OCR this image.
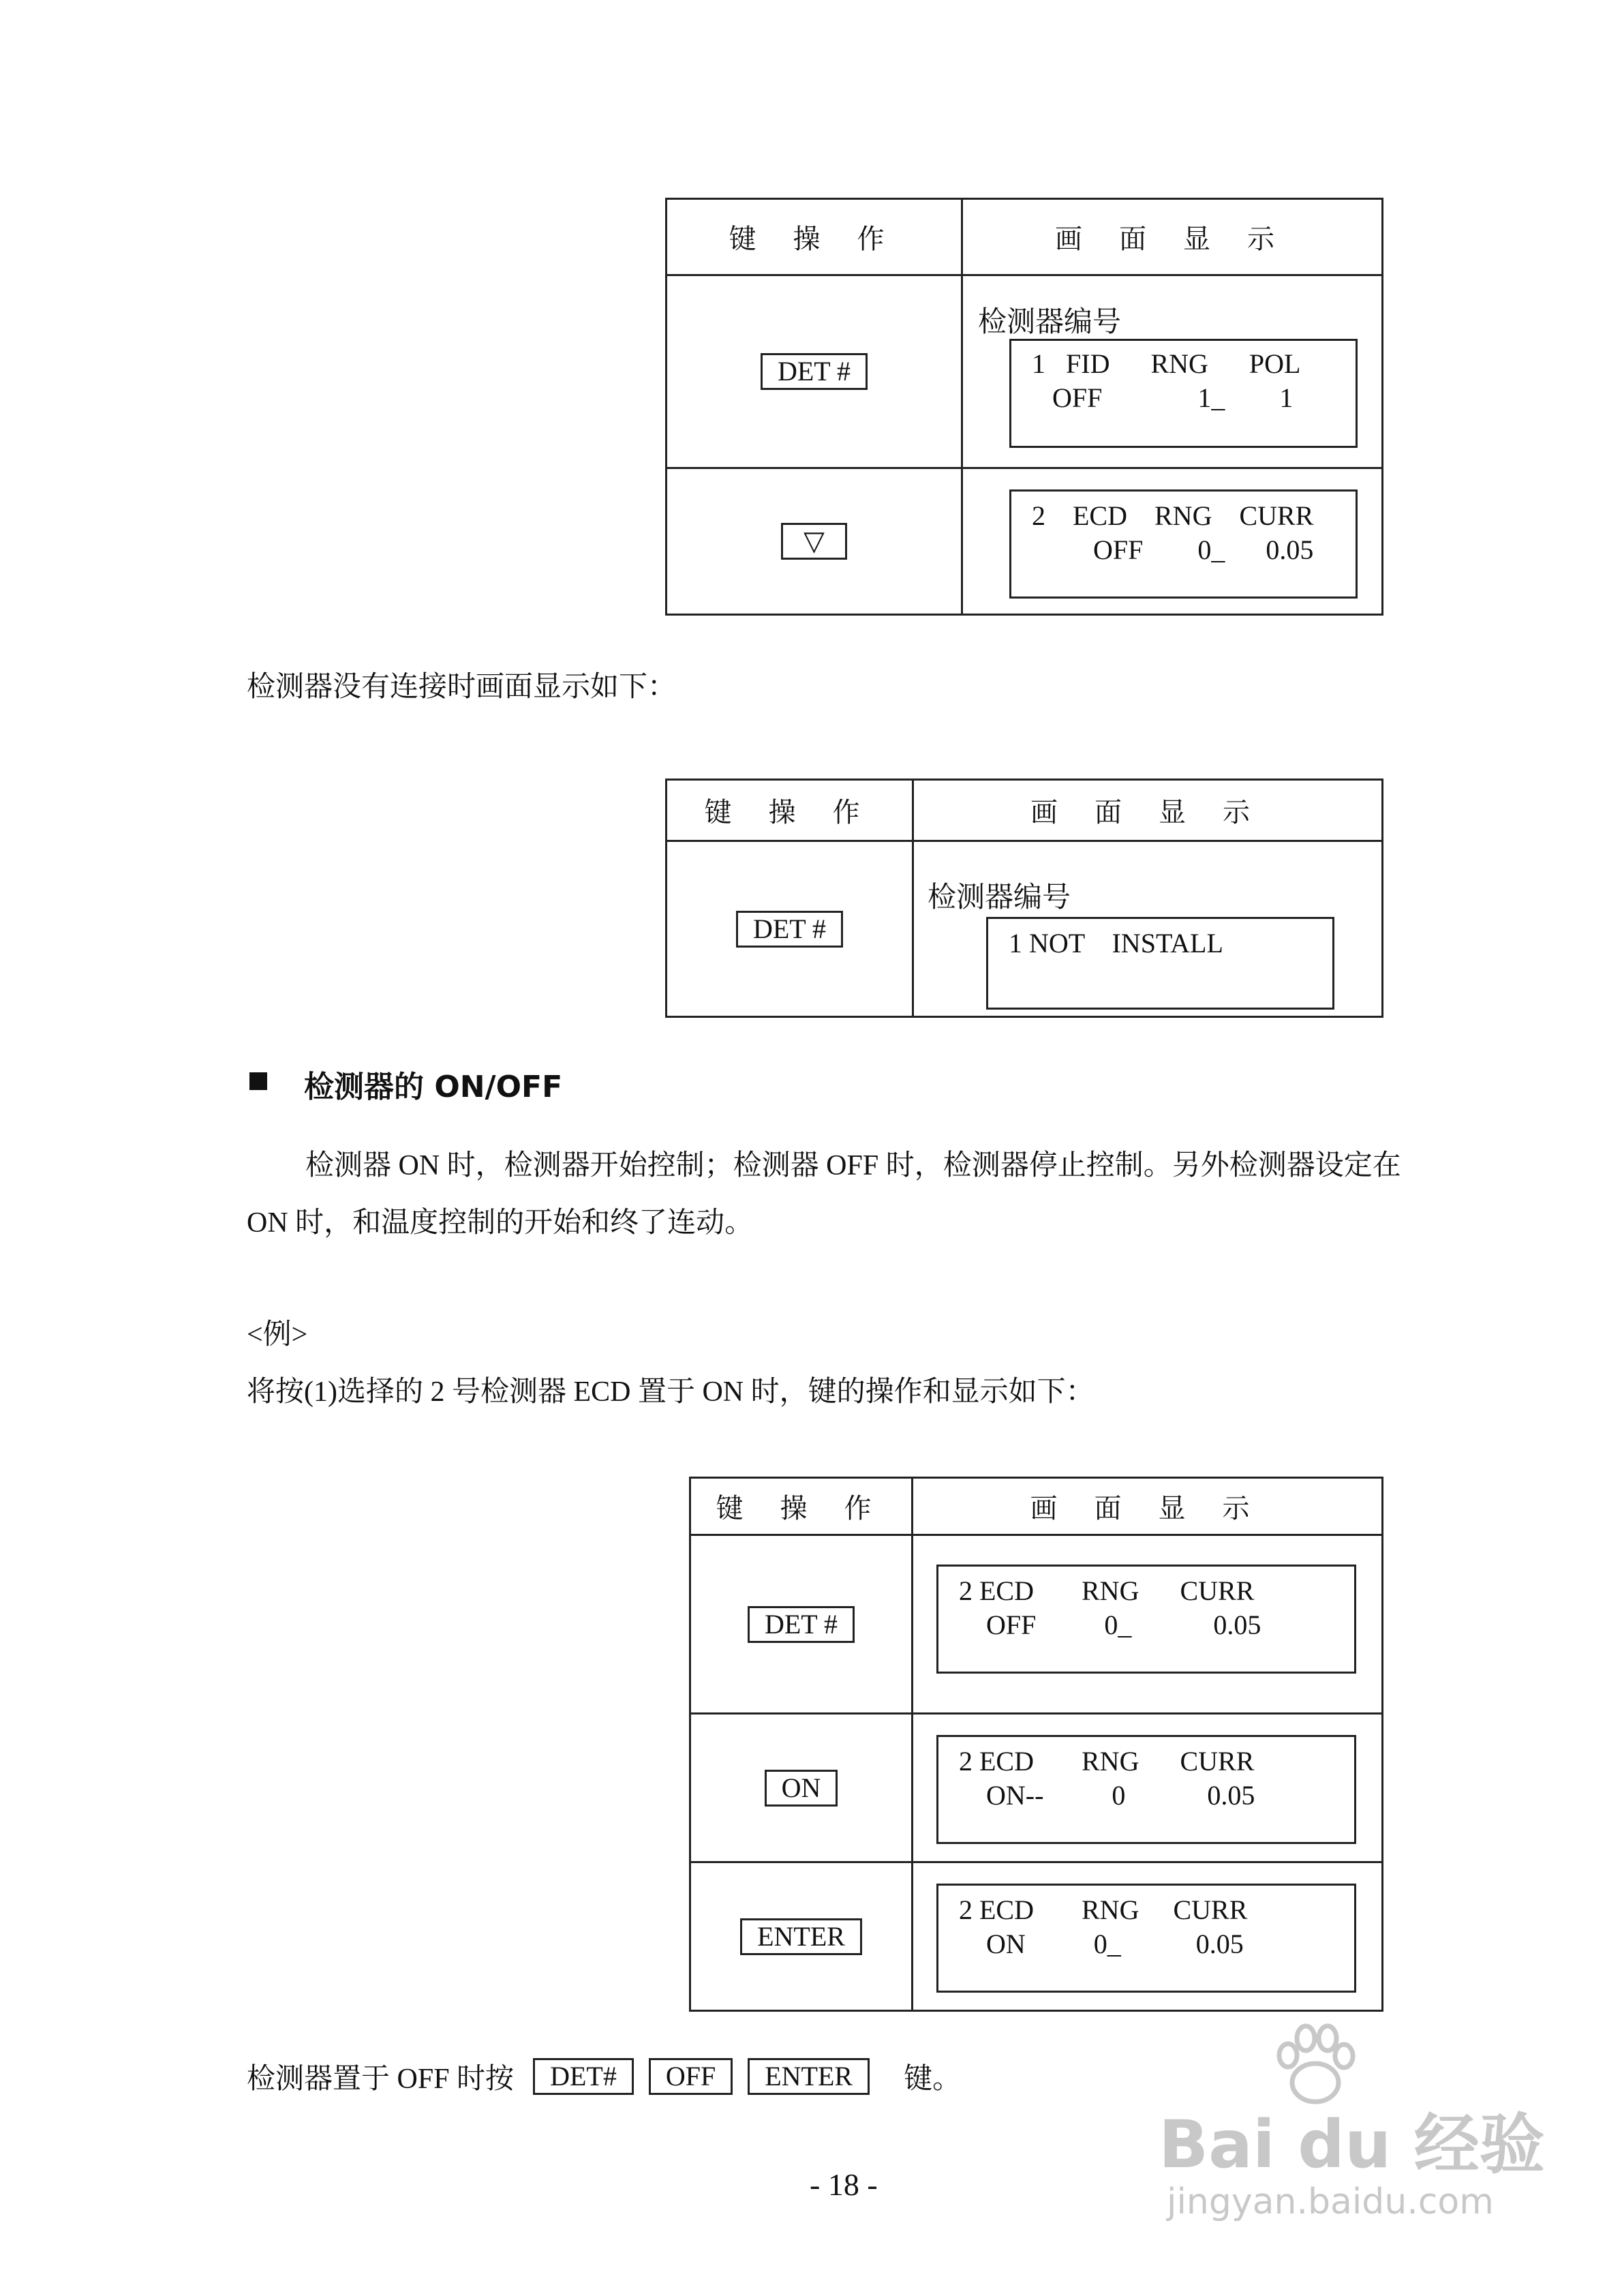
键 操 作	画 面 显 示
DET #	检测器编号
1   FID      RNG      POL
OFF              1_        1

▽	2    ECD    RNG    CURR
OFF        0_      0.05
检测器没有连接时画面显示如下：
键 操 作	画 面 显 示
DET #	检测器编号
1 NOT    INSTALL
检测器的 ON/OFF
检测器 ON 时，检测器开始控制；检测器 OFF 时，检测器停止控制。另外检测器设定在
ON 时，和温度控制的开始和终了连动。
<例>
将按(1)选择的 2 号检测器 ECD 置于 ON 时，键的操作和显示如下：
键 操 作	画 面 显 示
DET #	2 ECD       RNG      CURR
OFF          0_            0.05

ON	2 ECD       RNG      CURR
ON--          0            0.05

ENTER	2 ECD       RNG     CURR
ON          0_           0.05
检测器置于 OFF 时按	DET#	OFF	ENTER	键。
- 18 -
Bai du 经验
jingyan.baidu.com
